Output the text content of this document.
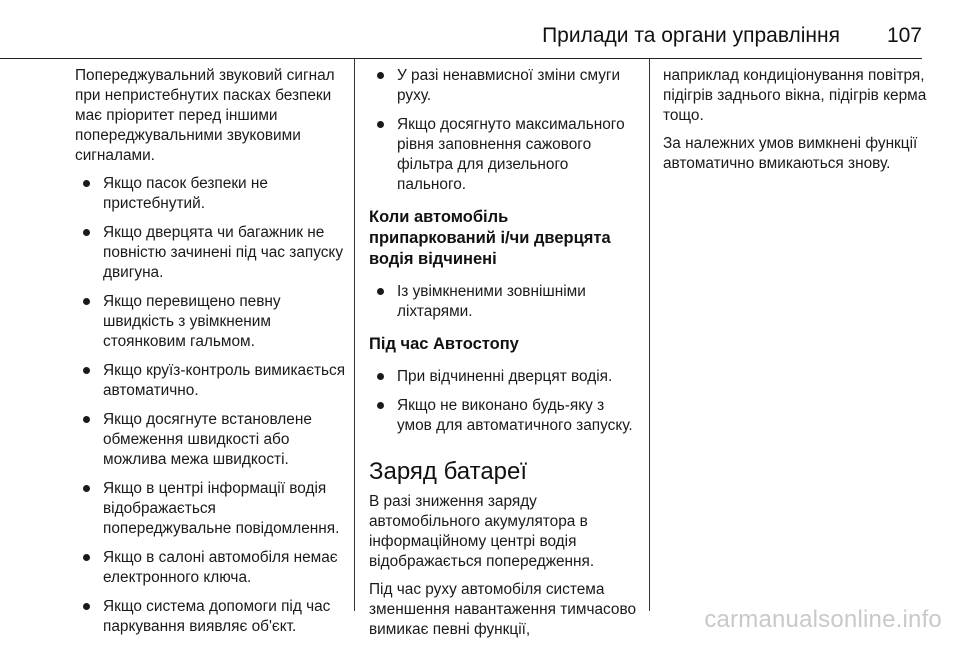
Прилади та органи управління 107

Попереджувальний звуковий сигнал при непристебнутих пасках безпеки має пріоритет перед іншими попереджувальними звуковими сигналами.

Якщо пасок безпеки не пристебнутий.
Якщо дверцята чи багажник не повністю зачинені під час запуску двигуна.
Якщо перевищено певну швидкість з увімкненим стоянковим гальмом.
Якщо круїз-контроль вимикається автоматично.
Якщо досягнуте встановлене обмеження швидкості або можлива межа швидкості.
Якщо в центрі інформації водія відображається попереджувальне повідомлення.
Якщо в салоні автомобіля немає електронного ключа.
Якщо система допомоги під час паркування виявляє об'єкт.
У разі ненавмисної зміни смуги руху.
Якщо досягнуто максимального рівня заповнення сажового фільтра для дизельного пального.
Коли автомобіль припаркований і/чи дверцята водія відчинені
Із увімкненими зовнішніми ліхтарями.
Під час Автостопу
При відчиненні дверцят водія.
Якщо не виконано будь-яку з умов для автоматичного запуску.
Заряд батареї

В разі зниження заряду автомобільного акумулятора в інформаційному центрі водія відображається попередження.

Під час руху автомобіля система зменшення навантаження тимчасово вимикає певні функції,

наприклад кондиціонування повітря, підігрів заднього вікна, підігрів керма тощо.

За належних умов вимкнені функції автоматично вмикаються знову.

carmanualsonline.info
